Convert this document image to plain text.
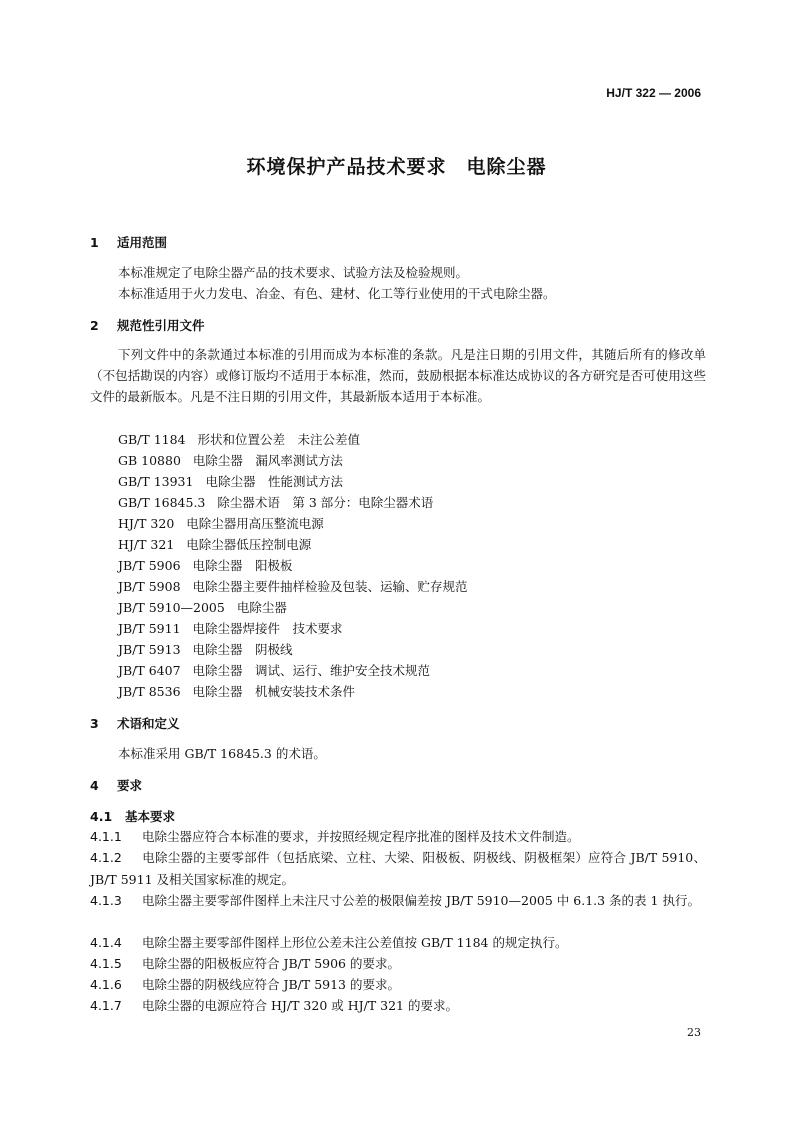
HJ/T 322 — 2006
环境保护产品技术要求　电除尘器
1 适用范围
本标准规定了电除尘器产品的技术要求、试验方法及检验规则。
本标准适用于火力发电、冶金、有色、建材、化工等行业使用的干式电除尘器。
2 规范性引用文件
下列文件中的条款通过本标准的引用而成为本标准的条款。凡是注日期的引用文件，其随后所有的修改单（不包括勘误的内容）或修订版均不适用于本标准，然而，鼓励根据本标准达成协议的各方研究是否可使用这些文件的最新版本。凡是不注日期的引用文件，其最新版本适用于本标准。
GB/T 1184 形状和位置公差　未注公差值
GB 10880 电除尘器　漏风率测试方法
GB/T 13931 电除尘器　性能测试方法
GB/T 16845.3 除尘器术语　第 3 部分：电除尘器术语
HJ/T 320 电除尘器用高压整流电源
HJ/T 321 电除尘器低压控制电源
JB/T 5906 电除尘器　阳极板
JB/T 5908 电除尘器主要件抽样检验及包装、运输、贮存规范
JB/T 5910—2005 电除尘器
JB/T 5911 电除尘器焊接件　技术要求
JB/T 5913 电除尘器　阴极线
JB/T 6407 电除尘器　调试、运行、维护安全技术规范
JB/T 8536 电除尘器　机械安装技术条件
3 术语和定义
本标准采用 GB/T 16845.3 的术语。
4 要求
4.1 基本要求
4.1.1 电除尘器应符合本标准的要求，并按照经规定程序批准的图样及技术文件制造。
4.1.2 电除尘器的主要零部件（包括底梁、立柱、大梁、阳极板、阴极线、阴极框架）应符合 JB/T 5910、JB/T 5911 及相关国家标准的规定。
4.1.3 电除尘器主要零部件图样上未注尺寸公差的极限偏差按 JB/T 5910—2005 中 6.1.3 条的表 1 执行。
4.1.4 电除尘器主要零部件图样上形位公差未注公差值按 GB/T 1184 的规定执行。
4.1.5 电除尘器的阳极板应符合 JB/T 5906 的要求。
4.1.6 电除尘器的阴极线应符合 JB/T 5913 的要求。
4.1.7 电除尘器的电源应符合 HJ/T 320 或 HJ/T 321 的要求。
23
